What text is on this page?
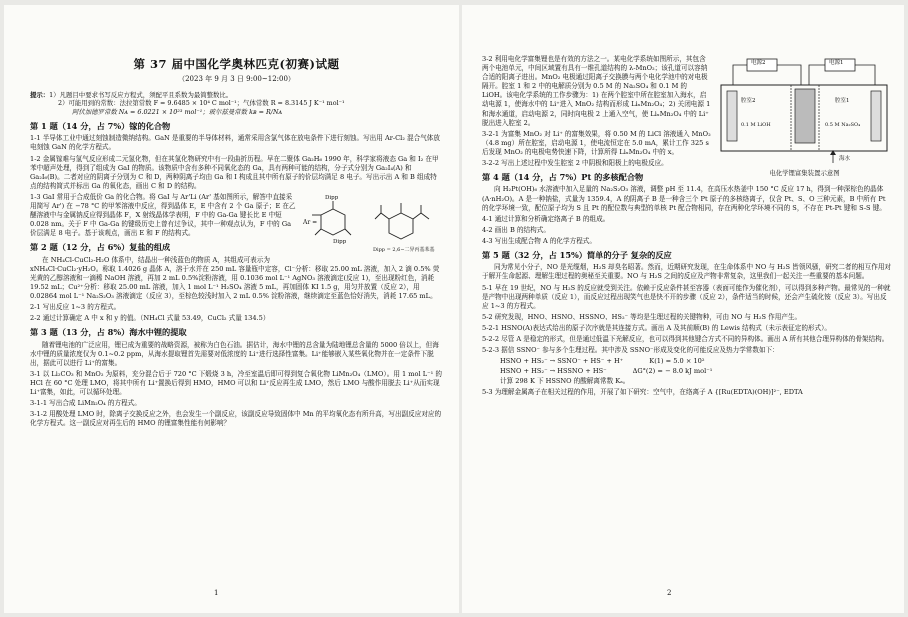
第 37 届中国化学奥林匹克(初赛)试题
（2023 年 9 月 3 日 9:00~12:00）
提示：1）凡题目中要求书写反应方程式，须配平且系数为最简整数比。
2）可能用到的常数：法拉第常数 F = 9.6485 × 10⁴ C mol⁻¹；气体常数 R = 8.3145 J K⁻¹ mol⁻¹
阿伏加德罗常数 Nᴀ = 6.0221 × 10²³ mol⁻¹；玻尔兹曼常数 kʙ = R/Nᴀ
第 1 题（14 分，占 7%）镓的化合物

1-1 半导体工业中通过刻蚀制造微纳结构。GaN 是重要的半导体材料，通常采用含氯气体在放电条件下进行刻蚀。写出用 Ar-Cl₂ 混合气体放电刻蚀 GaN 的化学方程式。

1-2 金属镓难与氢气反应形成二元氢化物，但在其氢化物研究中有一段曲折历程。早在二聚体 Ga₂H₆ 1990 年，科学家将液态 Ga 和 I₂ 在甲苯中超声处理，得到了组成为 GaI 的物质。该物质中含有多种不同氧化态的 Ga，具有两种可能的结构，分子式分别为 Ga₂I₄(A) 和 Ga₂I₆(B)。二者对应的阴离子分别为 C 和 D，两种阴离子均由 Ga 和 I 构成且其中所有原子的价层均满足 8 电子。写出示出 A 和 B 组成特点的结构简式并标出 Ga 的氧化态，画出 C 和 D 的结构。

Dipp
Ar =
Dipp
Dipp = 2,6−二异丙基苯基

1-3 GaI 常用于合成低价 Ga 的化合物。将 GaI 与 Ar'Li (Ar' 基如图所示，解答中直接采用简写 Ar') 在 −78 °C 的甲苯溶液中反应，得到晶体 E，E 中含有 2 个 Ga 原子；E 在乙醚溶液中与金属钠反应得到晶体 F，X 射线晶体学表明，F 中的 Ga-Ga 键长比 E 中短 0.028 nm。关于 F 中 Ga-Ga 的键级历史上曾有过争议，其中一种观点认为，F 中的 Ga 价层满足 8 电子。基于该观点，画出 E 和 F 的结构式。

第 2 题（12 分，占 6%）复盐的组成

在 NH₄Cl-CuCl₂-H₂O 体系中，结晶出一种浅蓝色的物质 A，其组成可表示为 xNH₄Cl·CuCl₂·yH₂O。称取 1.4026 g 晶体 A，溶于水并在 250 mL 容量瓶中定容，Cl⁻分析：移取 25.00 mL 溶液，加入 2 滴 0.5% 荧光黄的乙醇溶液和一滴稀 NaOH 溶液，再加 2 mL 0.5%淀粉溶液，用 0.1036 mol L⁻¹ AgNO₃ 溶液滴定(反应 1)，至出现粉红色，消耗 19.52 mL；Cu²⁺分析：移取 25.00 mL 溶液，加入 1 mol L⁻¹ H₂SO₄ 溶液 5 mL，再加固体 KI 1.5 g，用匀并放置（反应 2），用 0.02864 mol L⁻¹ Na₂S₂O₃ 溶液滴定（反应 3），至棕色较浅时加入 2 mL 0.5% 淀粉溶液，继续滴定至蓝色恰好消失，消耗 17.65 mL。

2-1 写出反应 1~3 的方程式。

2-2 通过计算确定 A 中 x 和 y 的值。（NH₄Cl 式量 53.49，CuCl₂ 式量 134.5）

第 3 题（13 分，占 8%）海水中锂的提取

随着锂电池的广泛应用，锂已成为重要的战略资源，被称为白色石油。据估计，海水中锂的总含量为陆地锂总含量的 5000 倍以上，但海水中锂的质量浓度仅为 0.1~0.2 ppm，从海水提取锂首先需要对低浓度的 Li⁺进行选择性富集。Li⁺能够嵌入某些氧化物并在一定条件下脱出，据此可以进行 Li⁺的富集。

3-1 以 Li₂CO₃ 和 MnO₂ 为原料，充分混合后于 720 °C 下煅烧 3 h，冷至室温后即可得到复合氧化物 LiMn₂O₄（LMO）。用 1 mol L⁻¹ 的 HCl 在 60 °C 处理 LMO，将其中所有 Li⁺置换后得到 HMO，HMO 可以和 Li⁺反应再生成 LMO，然后 LMO 与酸作用脱去 Li⁺从而实现 Li⁺富集，如此，可以循环处理。

3-1-1 写出合成 LiMn₂O₄ 的方程式。

3-1-2 用酸处理 LMO 时，除离子交换反应之外，也会发生一个副反应，该副反应导致固体中 Mn 的平均氧化态有所升高，写出副反应对应的化学方程式。这一副反应对再生后的 HMO 的锂富集性能有何影响？

1
电源2	电源1
腔室2	腔室1
0.1 M LiOH	0.5 M Na₂SO₄
海水
电化学锂富集装置示意图

3-2 利用电化学富集锂也是有效的方法之一。某电化学系统如图所示，其包含两个电池单元，中间区域置有具有一维孔道结构的 λ-MnO₂；该孔道可以容纳合适的阳离子进出。MnO₂ 电极通过阳离子交换膜与两个电化学池中的对电极隔开。腔室 1 和 2 中的电解质分别为 0.5 M 的 Na₂SO₄ 和 0.1 M 的 LiOH。该电化学系统的工作步骤为：1) 在两个腔室中所在腔室加入海水，启动电源 1，使海水中的 Li⁺进入 MnO₂ 结构而形成 LiₓMn₂O₄；2) 关闭电源 1 和海水通道，启动电源 2，同时向电极 2 上通入空气，使 LiₓMn₂O₄ 中的 Li⁺脱出进入腔室 2。

3-2-1 为富集 MnO₂ 对 Li⁺ 的富集效果，将 0.50 M 的 LiCl 溶液通入 MnO₂（4.8 mg）所在腔室，启动电源 1，使电流恒定在 5.0 mA，累计工作 325 s 后发现 MnO₂ 的电极电势快速下降，计算所得 LiₓMn₂O₄ 中的 x。

3-2-2 写出上述过程中发生腔室 2 中阴极和阳极上的电极反应。

第 4 题（14 分，占 7%）Pt 的多核配合物

向 H₂Pt(OH)₆ 水溶液中加入足量的 Na₂S₂O₃ 溶液，调整 pH 至 11.4，在高压水热釜中 150 °C 反应 17 h，得到一种深棕色的晶体 (A·nH₂O)。A 是一种钠盐，式量为 1359.4，A 的阴离子 B 是一种含三个 Pt 原子的多核络离子，仅含 Pt、S、O 三种元素，B 中所有 Pt 的化学环境一致，配位原子均为 S 且 Pt 的配位数与典型的单核 Pt 配合物相同，存在两种化学环境不同的 S，不存在 Pt-Pt 键和 S-S 键。

4-1 通过计算和分析确定络离子 B 的组成。

4-2 画出 B 的结构式。

4-3 写出生成配合物 A 的化学方程式。

第 5 题（32 分，占 15%）简单的分子 复杂的反应

同为常见小分子，NO 是光缆烟，H₂S 却臭名昭著。然而，近期研究发现，在生命体系中 NO 与 H₂S 皆领风骚，研究二者的相互作用对于解开生命起源、理解生理过程的奥秘至关重要。NO 与 H₂S 之间的反应及产物非常复杂，这里我们一起关注一些重要的基本问题。

5-1 早在 19 世纪，NO 与 H₂S 的反应就受到关注。依赖于反应条件甚至容器（表面可能作为催化剂），可以得到多种产物。最常见的一种就是产物中出现两种单质（反应 1），而反应过程出现笑气也是快不开的步骤（反应 2），条件适当的时候，还会产生硫化铵（反应 3）。写出反应 1~3 的方程式。

5-2 研究发现，HNO、HSNO、HSSNO、HS₂⁻ 等均是生理过程的关键物种，可由 NO 与 H₂S 作用产生。

5-2-1 HSNO(A)表达式给出的原子次序就是其连接方式。画出 A 及其前顺(B) 的 Lewis 结构式（未示表征定的形式）。

5-2-2 尽管 A 是稳定的形式，但是通过低温下光解反应，也可以得到其他键合方式不同的异构体。画出 A 所有其他合理异构体的骨架结构。

5-2-3 据信 SSNO⁻ 参与多个生理过程。其中涉及 SSNO⁻形成及变化的可能反应及热力学常数如下：

HSNO + HS₂⁻ → SSNO⁻ + HS⁻ + H⁺	K(1) = 5.0 × 10²
HSNO + HS₂⁻ → HSSNO + HS⁻	ΔG°(2) = − 8.0 kJ mol⁻¹

计算 298 K 下 HSSNO 的酸解离常数 Kₐ。

5-3 为理解金属离子在相关过程的作用，开展了如下研究：空气中，在络离子 A {[Ru(EDTA)(OH)]²⁻, EDTA

2
